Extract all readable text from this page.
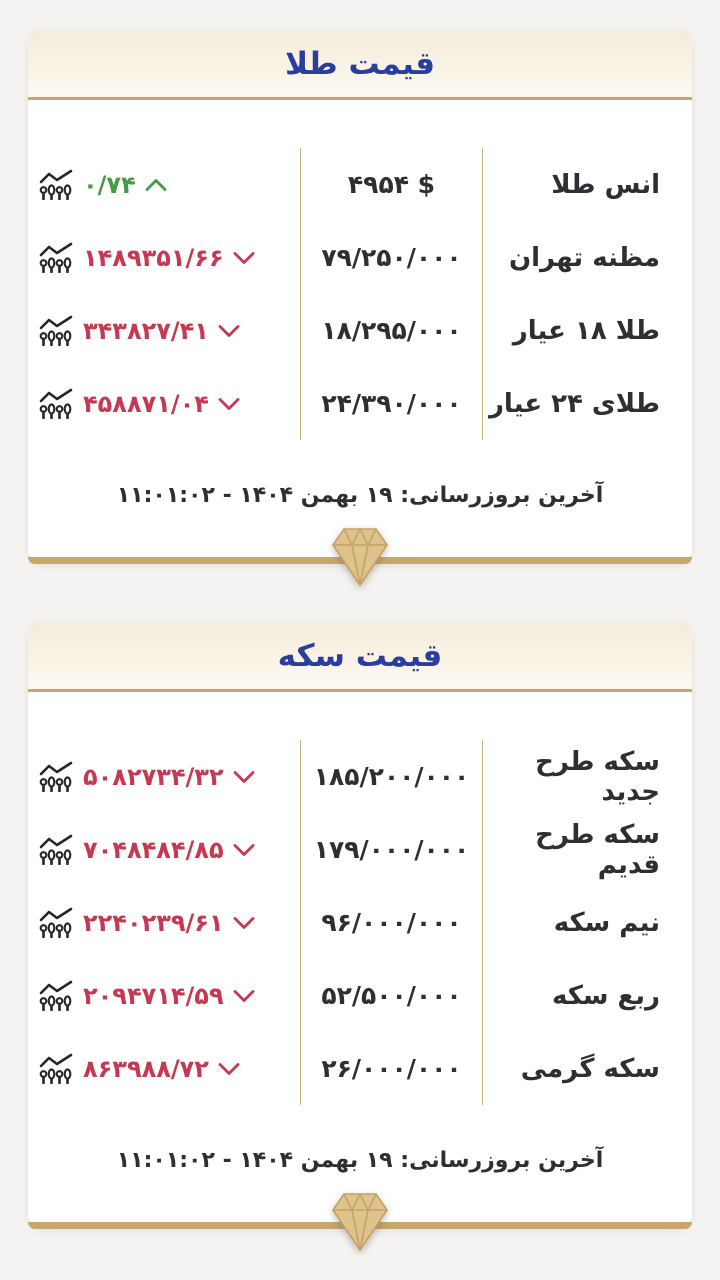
قیمت طلا
انس طلا
۴۹۵۴ $
۰/۷۴
مظنه تهران
۷۹/۲۵۰/۰۰۰
۱۴۸۹۳۵۱/۶۶
طلا ۱۸ عیار
۱۸/۲۹۵/۰۰۰
۳۴۳۸۲۷/۴۱
طلای ۲۴ عیار
۲۴/۳۹۰/۰۰۰
۴۵۸۸۷۱/۰۴
آخرین بروزرسانی: ۱۹ بهمن ۱۴۰۴ - ۱۱:۰۱:۰۲
قیمت سکه
سکه طرح جدید
۱۸۵/۲۰۰/۰۰۰
۵۰۸۲۷۳۴/۳۲
سکه طرح قدیم
۱۷۹/۰۰۰/۰۰۰
۷۰۴۸۴۸۴/۸۵
نیم سکه
۹۶/۰۰۰/۰۰۰
۲۲۴۰۲۳۹/۶۱
ربع سکه
۵۲/۵۰۰/۰۰۰
۲۰۹۴۷۱۴/۵۹
سکه گرمی
۲۶/۰۰۰/۰۰۰
۸۶۳۹۸۸/۷۲
آخرین بروزرسانی: ۱۹ بهمن ۱۴۰۴ - ۱۱:۰۱:۰۲
